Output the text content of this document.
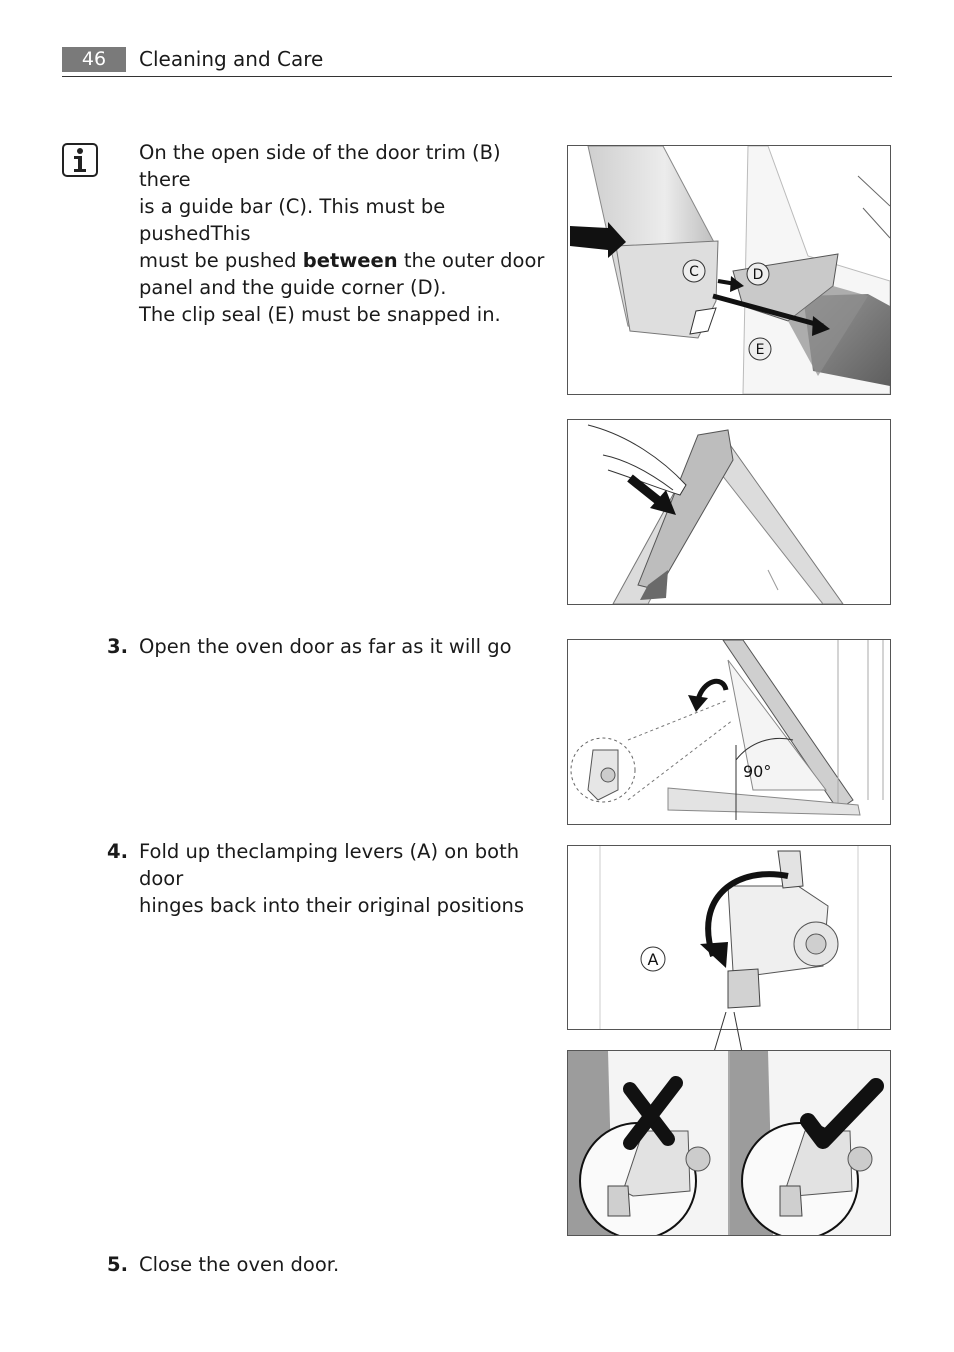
46	Cleaning and Care
On the open side of the door trim (B) there
is a guide bar (C). This must be pushedThis
must be pushed between the outer door
panel and the guide corner (D).
The clip seal (E) must be snapped in.
3. Open the oven door as far as it will go
4. Fold up theclamping levers (A) on both door
hinges back into their original positions
5. Close the oven door.
C	D
E
90°
A
